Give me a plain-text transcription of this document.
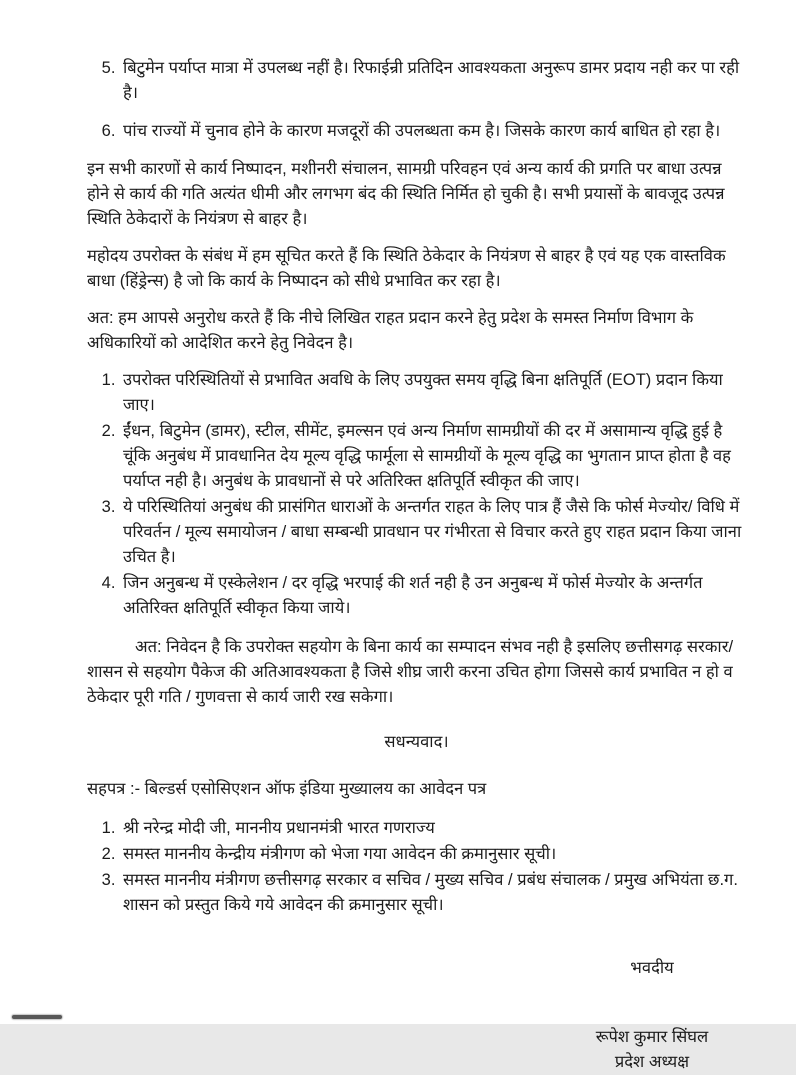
5. बिटुमेन पर्याप्त मात्रा में उपलब्ध नहीं है। रिफाईन्री प्रतिदिन आवश्यकता अनुरूप डामर प्रदाय नही कर पा रही है।
6. पांच राज्यों में चुनाव होने के कारण मजदूरों की उपलब्धता कम है। जिसके कारण कार्य बाधित हो रहा है।

इन सभी कारणों से कार्य निष्पादन, मशीनरी संचालन, सामग्री परिवहन एवं अन्य कार्य की प्रगति पर बाधा उत्पन्न होने से कार्य की गति अत्यंत धीमी और लगभग बंद की स्थिति निर्मित हो चुकी है। सभी प्रयासों के बावजूद उत्पन्न स्थिति ठेकेदारों के नियंत्रण से बाहर है।

महोदय उपरोक्त के संबंध में हम सूचित करते हैं कि स्थिति ठेकेदार के नियंत्रण से बाहर है एवं यह एक वास्तविक बाधा (हिंड्रेन्स) है जो कि कार्य के निष्पादन को सीधे प्रभावित कर रहा है।

अत: हम आपसे अनुरोध करते हैं कि नीचे लिखित राहत प्रदान करने हेतु प्रदेश के समस्त निर्माण विभाग के अधिकारियों को आदेशित करने हेतु निवेदन है।

1. उपरोक्त परिस्थितियों से प्रभावित अवधि के लिए उपयुक्त समय वृद्धि बिना क्षतिपूर्ति (EOT) प्रदान किया जाए।
2. ईंधन, बिटुमेन (डामर), स्टील, सीमेंट, इमल्सन एवं अन्य निर्माण सामग्रीयों की दर में असामान्य वृद्धि हुई है चूंकि अनुबंध में प्रावधानित देय मूल्य वृद्धि फार्मूला से सामग्रीयों के मूल्य वृद्धि का भुगतान प्राप्त होता है वह पर्याप्त नही है। अनुबंध के प्रावधानों से परे अतिरिक्त क्षतिपूर्ति स्वीकृत की जाए।
3. ये परिस्थितियां अनुबंध की प्रासंगित धाराओं के अन्तर्गत राहत के लिए पात्र हैं जैसे कि फोर्स मेज्योर/ विधि में परिवर्तन / मूल्य समायोजन / बाधा सम्बन्धी प्रावधान पर गंभीरता से विचार करते हुए राहत प्रदान किया जाना उचित है।
4. जिन अनुबन्ध में एस्केलेशन / दर वृद्धि भरपाई की शर्त नही है उन अनुबन्ध में फोर्स मेज्योर के अन्तर्गत अतिरिक्त क्षतिपूर्ति स्वीकृत किया जाये।

अत: निवेदन है कि उपरोक्त सहयोग के बिना कार्य का सम्पादन संभव नही है इसलिए छत्तीसगढ़ सरकार/ शासन से सहयोग पैकेज की अतिआवश्यकता है जिसे शीघ्र जारी करना उचित होगा जिससे कार्य प्रभावित न हो व ठेकेदार पूरी गति / गुणवत्ता से कार्य जारी रख सकेगा।

सधन्यवाद।

सहपत्र :- बिल्डर्स एसोसिएशन ऑफ इंडिया मुख्यालय का आवेदन पत्र

1. श्री नरेन्द्र मोदी जी, माननीय प्रधानमंत्री भारत गणराज्य
2. समस्त माननीय केन्द्रीय मंत्रीगण को भेजा गया आवेदन की क्रमानुसार सूची।
3. समस्त माननीय मंत्रीगण छत्तीसगढ़ सरकार व सचिव / मुख्य सचिव / प्रबंध संचालक / प्रमुख अभियंता छ.ग. शासन को प्रस्तुत किये गये आवेदन की क्रमानुसार सूची।

भवदीय

रूपेश कुमार सिंघल

प्रदेश अध्यक्ष
